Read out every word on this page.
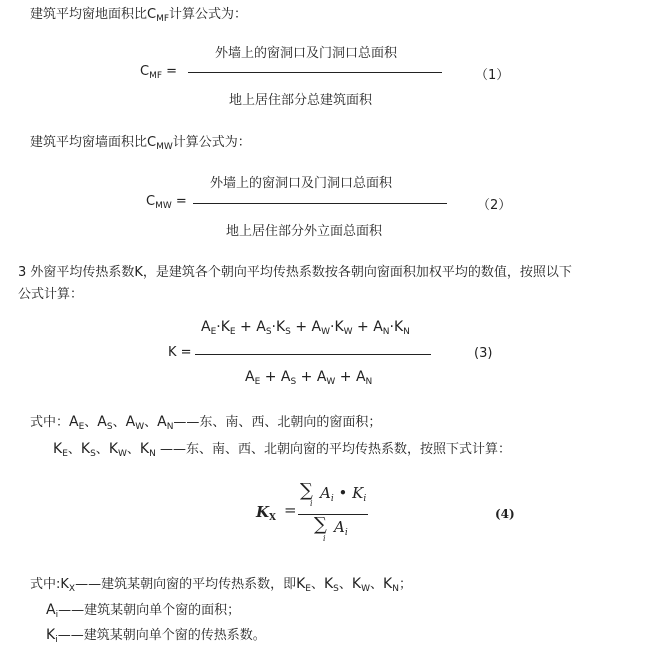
建筑平均窗地面积比$C_{MF}$计算公式为：
$C_{MF}$ =
外墙上的窗洞口及门洞口总面积
地上居住部分总建筑面积
（1）
建筑平均窗墙面积比$C_{MW}$计算公式为：
$C_{MW}$ =
外墙上的窗洞口及门洞口总面积
地上居住部分外立面总面积
（2）
3 外窗平均传热系数K，是建筑各个朝向平均传热系数按各朝向窗面积加权平均的数值，按照以下
公式计算：
K =
$A_E\cdot K_E + A_S\cdot K_S + A_W\cdot K_W + A_N\cdot K_N$
$A_E + A_S + A_W + A_N$
(3)
式中：$A_E$、$A_S$、$A_W$、$A_N——$东、南、西、北朝向的窗面积；
$K_E$、$K_S$、$K_W$、$K_N$ ——东、南、西、北朝向窗的平均传热系数，按照下式计算：
$K_X$ =
∑
i
$A_i$ • $K_i$
∑
i
$A_i$
(4)
式中$:K_X——$建筑某朝向窗的平均传热系数，即$K_E$、$K_S$、$K_W$、$K_N$；
$A_i——$建筑某朝向单个窗的面积；
$K_i——$建筑某朝向单个窗的传热系数。
